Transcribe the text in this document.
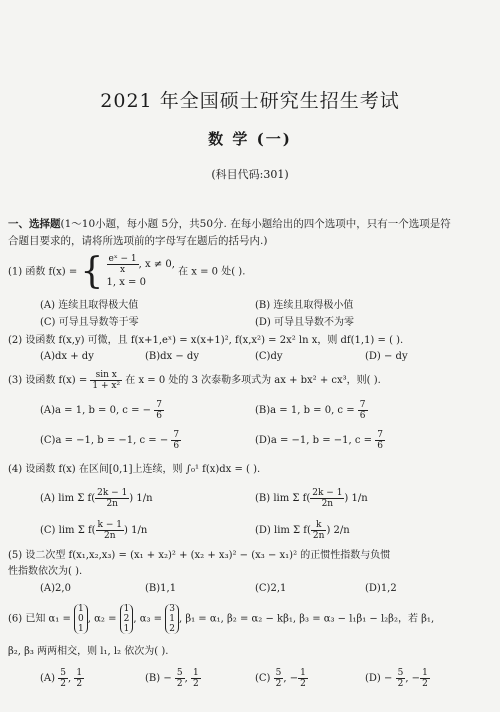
2021 年全国硕士研究生招生考试
数 学 (一)
(科目代码:301)
一、选择题(1～10小题，每小题 5分，共50分. 在每小题给出的四个选项中，只有一个选项是符
合题目要求的，请将所选项前的字母写在题后的括号内.)
(1) 函数 f(x) = { $\frac{\text{eˣ − 1}}{x}$ , x ≠ 0,
1, x = 0 在 x = 0 处( ).
(A) 连续且取得极大值	(B) 连续且取得极小值
(C) 可导且导数等于零	(D) 可导且导数不为零
(2) 设函数 f(x,y) 可微，且 f(x+1,eˣ) = x(x+1)², f(x,x²) = 2x² ln x，则 df(1,1) = ( ).
(A)dx + dy	(B)dx − dy	(C)dy	(D) − dy
(3) 设函数 $f(x) = \frac{\text{sin x}}{\text{1 + x²}}$ 在 x = 0 处的 3 次泰勒多项式为 ax + bx² + cx³，则( ).
(A)a = 1, b = 0, c = − $\frac{7}{6}$	(B)a = 1, b = 0, $c = \frac{7}{6}$
(C)a = −1, b = −1, c = − $\frac{7}{6}$	(D)a = −1, b = −1, $c = \frac{7}{6}$
(4) 设函数 f(x) 在区间[0,1]上连续，则 ∫₀¹ f(x)dx = ( ).
(A) lim Σ $f( \frac{2k - 1}{2n}$ ) 1/n	(B) lim Σ $f( \frac{2k - 1}{2n}$ ) 1/n
(C) lim Σ $f( \frac{k - 1}{2n}$ ) 1/n	(D) lim Σ $f( \frac{k}{2n}$ ) 2/n
(5) 设二次型 f(x₁,x₂,x₃) = (x₁ + x₂)² + (x₂ + x₃)² − (x₃ − x₁)² 的正惯性指数与负惯
性指数依次为( ).
(A)2,0	(B)1,1	(C)2,1	(D)1,2
(6) 已知 α₁ = 1
0
1, α₂ = 1
2
1, α₃ = 3
1
2, β₁ = α₁, β₂ = α₂ − kβ₁, β₃ = α₃ − l₁β₁ − l₂β₂，若 β₁,
β₂, β₃ 两两相交，则 l₁, l₂ 依次为( ).
$(A) \frac{5}{2}$ , $\frac{1}{2}$	$(B) - \frac{5}{2}$ , $\frac{1}{2}$	$(C) \frac{5}{2}$ , − $\frac{1}{2}$	$(D) - \frac{5}{2}$ , − $\frac{1}{2}$
